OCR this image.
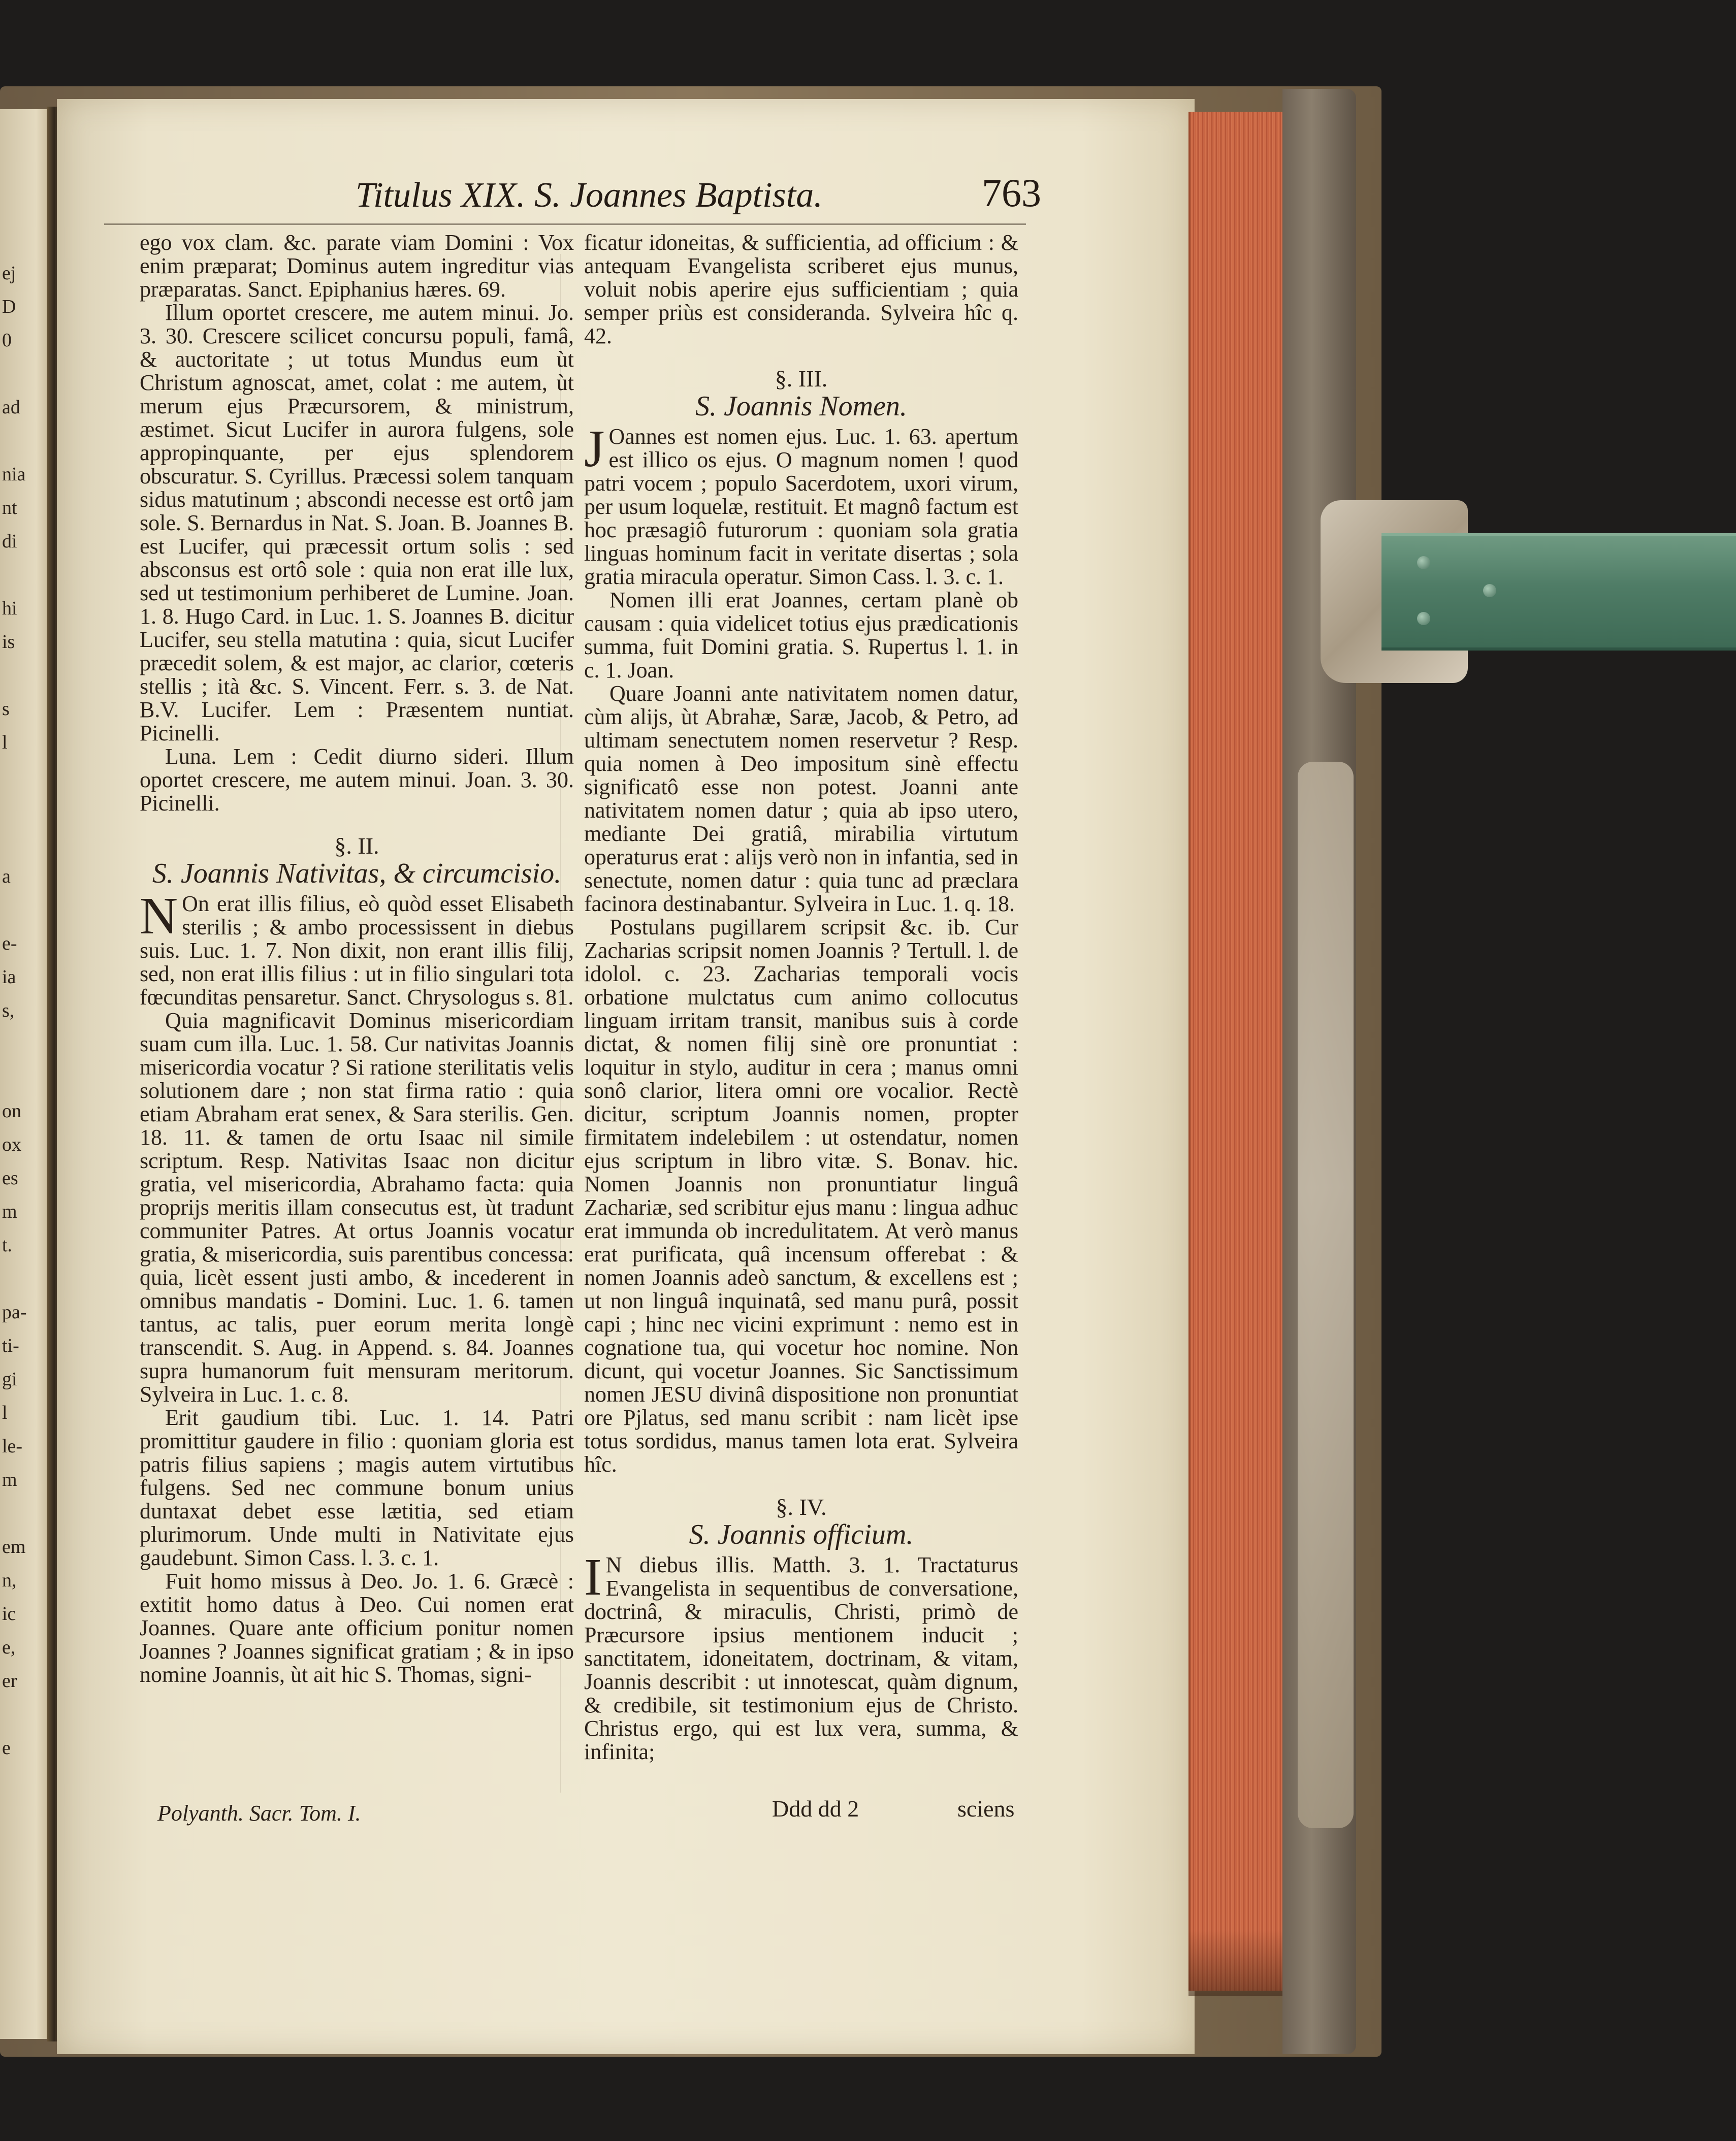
ej
D
0
ad
nia
nt
di
hi
is
s
l
a
e-
ia
s,
on
ox
es
m
t.
pa-
ti-
gi
l
le-
m
em
n,
ic
e,
er
e
Titulus XIX. S. Joannes Baptista.	763

ego vox clam. &c. parate viam Domini : Vox enim præparat; Dominus autem ingreditur vias præparatas. Sanct. Epiphanius hæres. 69.

Illum oportet crescere, me autem minui. Jo. 3. 30. Crescere scilicet concursu populi, famâ, & auctoritate ; ut totus Mundus eum ùt Christum agnoscat, amet, colat : me autem, ùt merum ejus Præcursorem, & ministrum, æstimet. Sicut Lucifer in aurora fulgens, sole appropinquante, per ejus splendorem obscuratur. S. Cyrillus. Præcessi solem tanquam sidus matutinum ; abscondi necesse est ortô jam sole. S. Bernardus in Nat. S. Joan. B. Joannes B. est Lucifer, qui præcessit ortum solis : sed absconsus est ortô sole : quia non erat ille lux, sed ut testimonium perhiberet de Lumine. Joan. 1. 8. Hugo Card. in Luc. 1. S. Joannes B. dicitur Lucifer, seu stella matutina : quia, sicut Lucifer præcedit solem, & est major, ac clarior, cœteris stellis ; ità &c. S. Vincent. Ferr. s. 3. de Nat. B.V. Lucifer. Lem : Præsentem nuntiat. Picinelli.

Luna. Lem : Cedit diurno sideri. Illum oportet crescere, me autem minui. Joan. 3. 30. Picinelli.

§. II.
S. Joannis Nativitas, & circumcisio.

N On erat illis filius, eò quòd esset Elisabeth sterilis ; & ambo processissent in diebus suis. Luc. 1. 7. Non dixit, non erant illis filij, sed, non erat illis filius : ut in filio singulari tota fœcunditas pensaretur. Sanct. Chrysologus s. 81.

Quia magnificavit Dominus misericordiam suam cum illa. Luc. 1. 58. Cur nativitas Joannis misericordia vocatur ? Si ratione sterilitatis velis solutionem dare ; non stat firma ratio : quia etiam Abraham erat senex, & Sara sterilis. Gen. 18. 11. & tamen de ortu Isaac nil simile scriptum. Resp. Nativitas Isaac non dicitur gratia, vel misericordia, Abrahamo facta: quia proprijs meritis illam consecutus est, ùt tradunt communiter Patres. At ortus Joannis vocatur gratia, & misericordia, suis parentibus concessa: quia, licèt essent justi ambo, & incederent in omnibus mandatis - Domini. Luc. 1. 6. tamen tantus, ac talis, puer eorum merita longè transcendit. S. Aug. in Append. s. 84. Joannes supra humanorum fuit mensuram meritorum. Sylveira in Luc. 1. c. 8.

Erit gaudium tibi. Luc. 1. 14. Patri promittitur gaudere in filio : quoniam gloria est patris filius sapiens ; magis autem virtutibus fulgens. Sed nec commune bonum unius duntaxat debet esse lætitia, sed etiam plurimorum. Unde multi in Nativitate ejus gaudebunt. Simon Cass. l. 3. c. 1.

Fuit homo missus à Deo. Jo. 1. 6. Græcè : extitit homo datus à Deo. Cui nomen erat Joannes. Quare ante officium ponitur nomen Joannes ? Joannes significat gratiam ; & in ipso nomine Joannis, ùt ait hic S. Thomas, signi-

ficatur idoneitas, & sufficientia, ad officium : & antequam Evangelista scriberet ejus munus, voluit nobis aperire ejus sufficientiam ; quia semper priùs est consideranda. Sylveira hîc q. 42.

§. III.
S. Joannis Nomen.

J Oannes est nomen ejus. Luc. 1. 63. apertum est illico os ejus. O magnum nomen ! quod patri vocem ; populo Sacerdotem, uxori virum, per usum loquelæ, restituit. Et magnô factum est hoc præsagiô futurorum : quoniam sola gratia linguas hominum facit in veritate disertas ; sola gratia miracula operatur. Simon Cass. l. 3. c. 1.

Nomen illi erat Joannes, certam planè ob causam : quia videlicet totius ejus prædicationis summa, fuit Domini gratia. S. Rupertus l. 1. in c. 1. Joan.

Quare Joanni ante nativitatem nomen datur, cùm alijs, ùt Abrahæ, Saræ, Jacob, & Petro, ad ultimam senectutem nomen reservetur ? Resp. quia nomen à Deo impositum sinè effectu significatô esse non potest. Joanni ante nativitatem nomen datur ; quia ab ipso utero, mediante Dei gratiâ, mirabilia virtutum operaturus erat : alijs verò non in infantia, sed in senectute, nomen datur : quia tunc ad præclara facinora destinabantur. Sylveira in Luc. 1. q. 18.

Postulans pugillarem scripsit &c. ib. Cur Zacharias scripsit nomen Joannis ? Tertull. l. de idolol. c. 23. Zacharias temporali vocis orbatione mulctatus cum animo collocutus linguam irritam transit, manibus suis à corde dictat, & nomen filij sinè ore pronuntiat : loquitur in stylo, auditur in cera ; manus omni sonô clarior, litera omni ore vocalior. Rectè dicitur, scriptum Joannis nomen, propter firmitatem indelebilem : ut ostendatur, nomen ejus scriptum in libro vitæ. S. Bonav. hic. Nomen Joannis non pronuntiatur linguâ Zachariæ, sed scribitur ejus manu : lingua adhuc erat immunda ob incredulitatem. At verò manus erat purificata, quâ incensum offerebat : & nomen Joannis adeò sanctum, & excellens est ; ut non linguâ inquinatâ, sed manu purâ, possit capi ; hinc nec vicini exprimunt : nemo est in cognatione tua, qui vocetur hoc nomine. Non dicunt, qui vocetur Joannes. Sic Sanctissimum nomen JESU divinâ dispositione non pronuntiat ore Pjlatus, sed manu scribit : nam licèt ipse totus sordidus, manus tamen lota erat. Sylveira hîc.

§. IV.
S. Joannis officium.

I N diebus illis. Matth. 3. 1. Tractaturus Evangelista in sequentibus de conversatione, doctrinâ, & miraculis, Christi, primò de Præcursore ipsius mentionem inducit ; sanctitatem, idoneitatem, doctrinam, & vitam, Joannis describit : ut innotescat, quàm dignum, & credibile, sit testimonium ejus de Christo. Christus ergo, qui est lux vera, summa, & infinita;

Polyanth. Sacr. Tom. I.	Ddd dd 2	sciens
